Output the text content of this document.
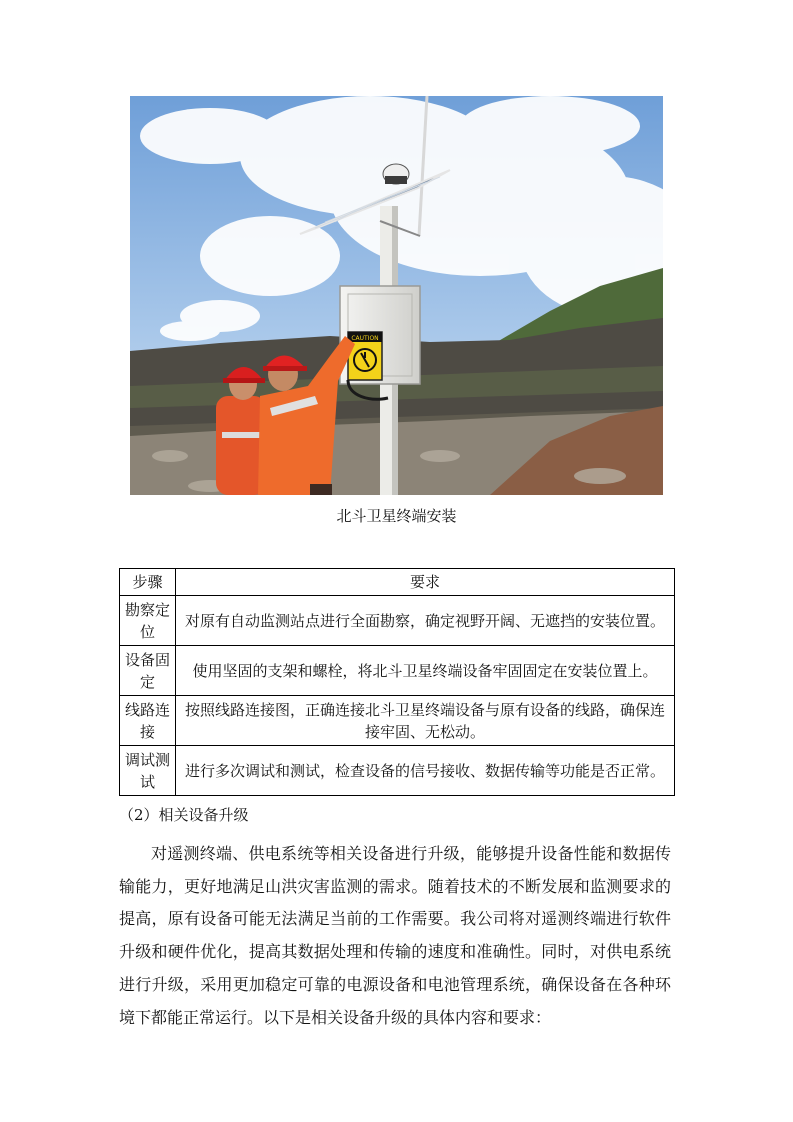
CAUTION
北斗卫星终端安装
步骤	要求
勘察定位	对原有自动监测站点进行全面勘察，确定视野开阔、无遮挡的安装位置。
设备固定	使用坚固的支架和螺栓，将北斗卫星终端设备牢固固定在安装位置上。
线路连接	按照线路连接图，正确连接北斗卫星终端设备与原有设备的线路，确保连接牢固、无松动。
调试测试	进行多次调试和测试，检查设备的信号接收、数据传输等功能是否正常。
（2）相关设备升级

对遥测终端、供电系统等相关设备进行升级，能够提升设备性能和数据传输能力，更好地满足山洪灾害监测的需求。随着技术的不断发展和监测要求的提高，原有设备可能无法满足当前的工作需要。我公司将对遥测终端进行软件升级和硬件优化，提高其数据处理和传输的速度和准确性。同时，对供电系统进行升级，采用更加稳定可靠的电源设备和电池管理系统，确保设备在各种环境下都能正常运行。以下是相关设备升级的具体内容和要求：
